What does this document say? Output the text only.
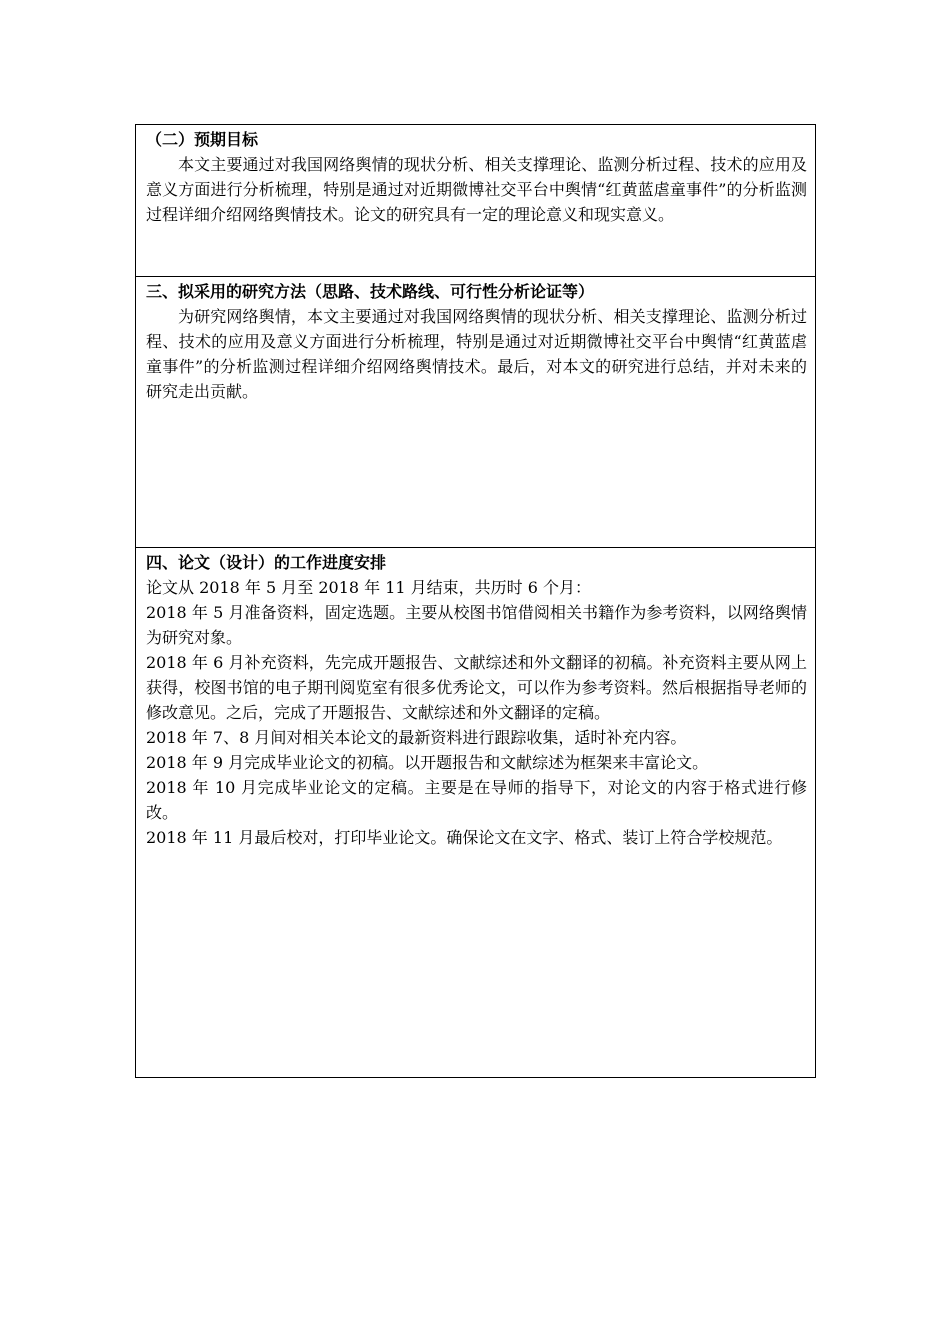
（二）预期目标

本文主要通过对我国网络舆情的现状分析、相关支撑理论、监测分析过程、技术的应用及意义方面进行分析梳理，特别是通过对近期微博社交平台中舆情“红黄蓝虐童事件”的分析监测过程详细介绍网络舆情技术。论文的研究具有一定的理论意义和现实意义。

三、拟采用的研究方法（思路、技术路线、可行性分析论证等）

为研究网络舆情，本文主要通过对我国网络舆情的现状分析、相关支撑理论、监测分析过程、技术的应用及意义方面进行分析梳理，特别是通过对近期微博社交平台中舆情“红黄蓝虐童事件”的分析监测过程详细介绍网络舆情技术。最后，对本文的研究进行总结，并对未来的研究走出贡献。

四、论文（设计）的工作进度安排

论文从 2018 年 5 月至 2018 年 11 月结束，共历时 6 个月：

2018 年 5 月准备资料，固定选题。主要从校图书馆借阅相关书籍作为参考资料，以网络舆情为研究对象。

2018 年 6 月补充资料，先完成开题报告、文献综述和外文翻译的初稿。补充资料主要从网上获得，校图书馆的电子期刊阅览室有很多优秀论文，可以作为参考资料。然后根据指导老师的修改意见。之后，完成了开题报告、文献综述和外文翻译的定稿。

2018 年 7、8 月间对相关本论文的最新资料进行跟踪收集，适时补充内容。

2018 年 9 月完成毕业论文的初稿。以开题报告和文献综述为框架来丰富论文。

2018 年 10 月完成毕业论文的定稿。主要是在导师的指导下，对论文的内容于格式进行修改。

2018 年 11 月最后校对，打印毕业论文。确保论文在文字、格式、装订上符合学校规范。
